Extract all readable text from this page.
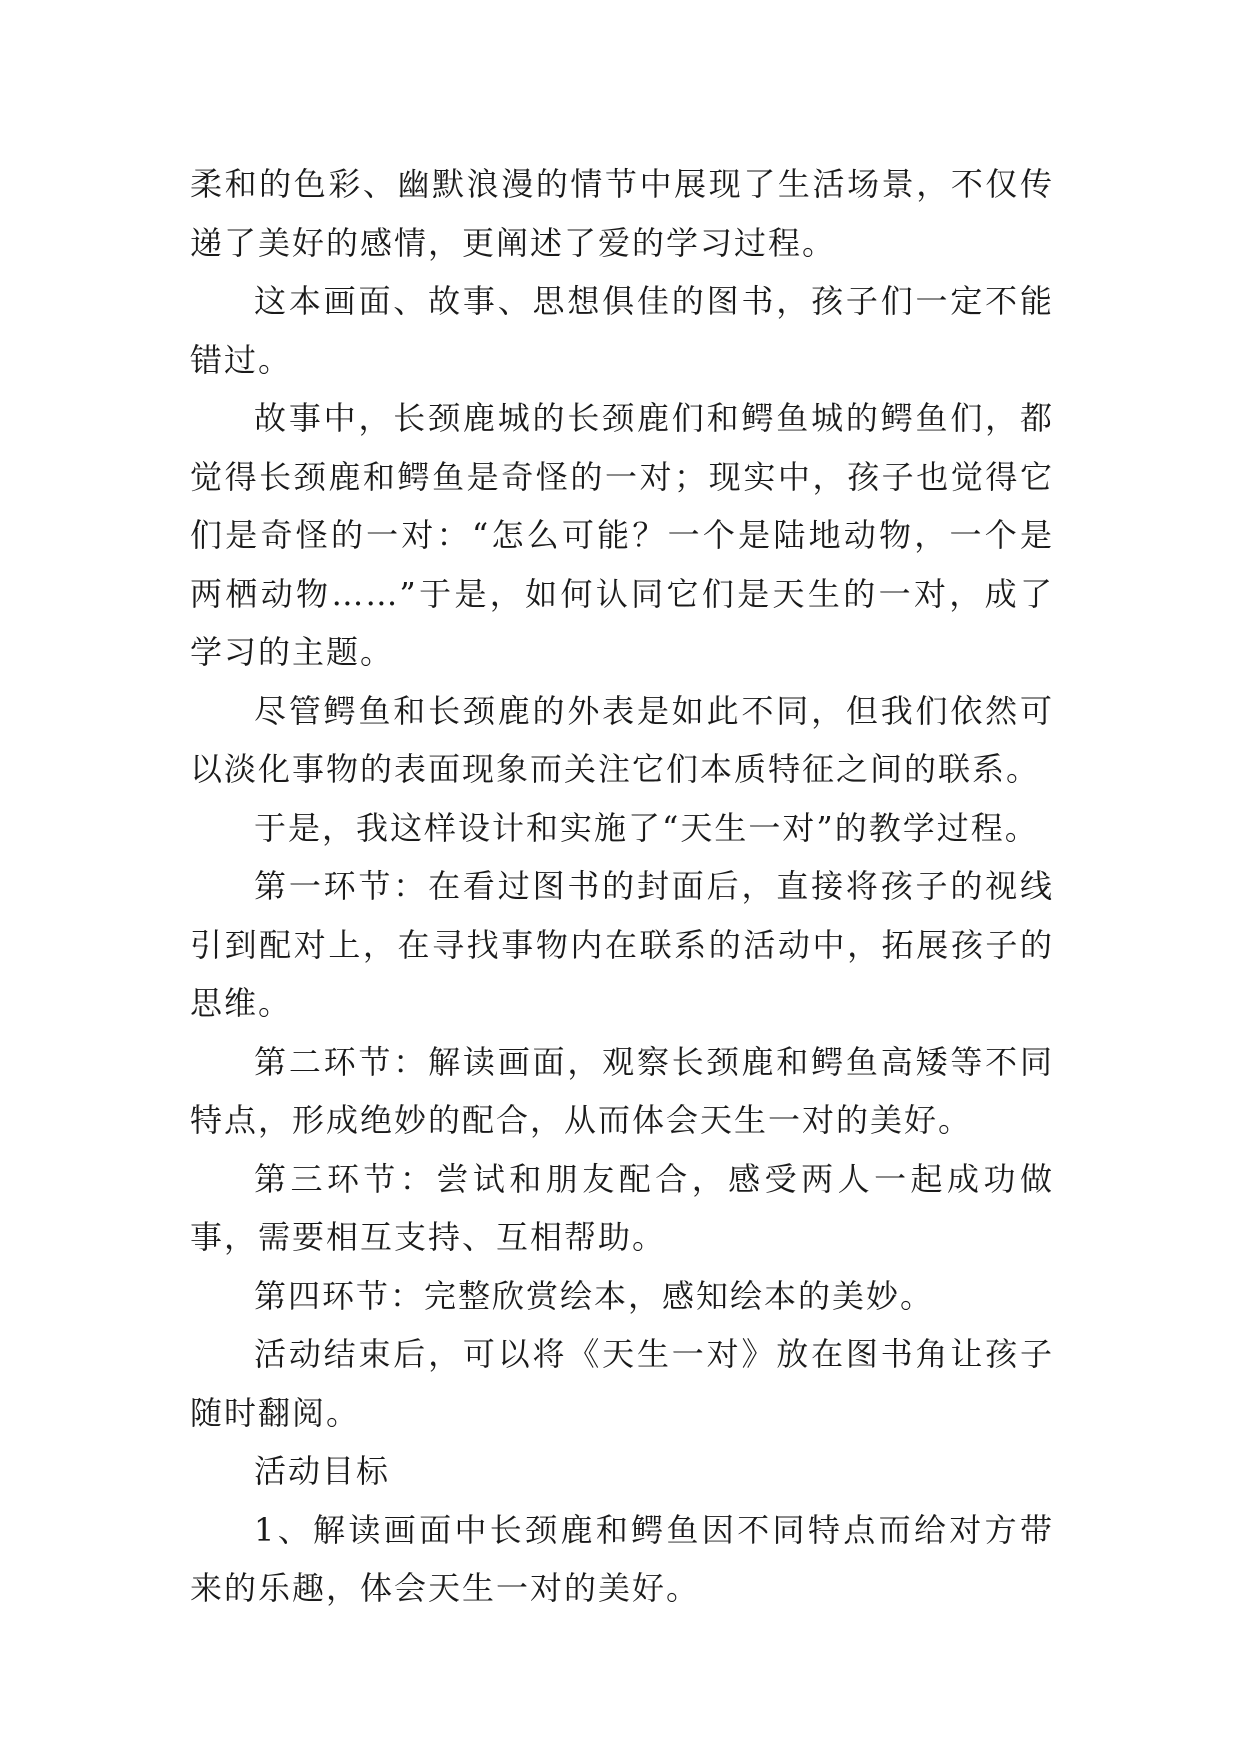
柔和的色彩、幽默浪漫的情节中展现了生活场景，不仅传递了美好的感情，更阐述了爱的学习过程。

这本画面、故事、思想俱佳的图书，孩子们一定不能错过。

故事中，长颈鹿城的长颈鹿们和鳄鱼城的鳄鱼们，都觉得长颈鹿和鳄鱼是奇怪的一对；现实中，孩子也觉得它们是奇怪的一对：“怎么可能？一个是陆地动物，一个是两栖动物……”于是，如何认同它们是天生的一对，成了学习的主题。

尽管鳄鱼和长颈鹿的外表是如此不同，但我们依然可以淡化事物的表面现象而关注它们本质特征之间的联系。

于是，我这样设计和实施了“天生一对”的教学过程。

第一环节：在看过图书的封面后，直接将孩子的视线引到配对上，在寻找事物内在联系的活动中，拓展孩子的思维。

第二环节：解读画面，观察长颈鹿和鳄鱼高矮等不同特点，形成绝妙的配合，从而体会天生一对的美好。

第三环节：尝试和朋友配合，感受两人一起成功做事，需要相互支持、互相帮助。

第四环节：完整欣赏绘本，感知绘本的美妙。

活动结束后，可以将《天生一对》放在图书角让孩子随时翻阅。

活动目标

1、解读画面中长颈鹿和鳄鱼因不同特点而给对方带来的乐趣，体会天生一对的美好。
